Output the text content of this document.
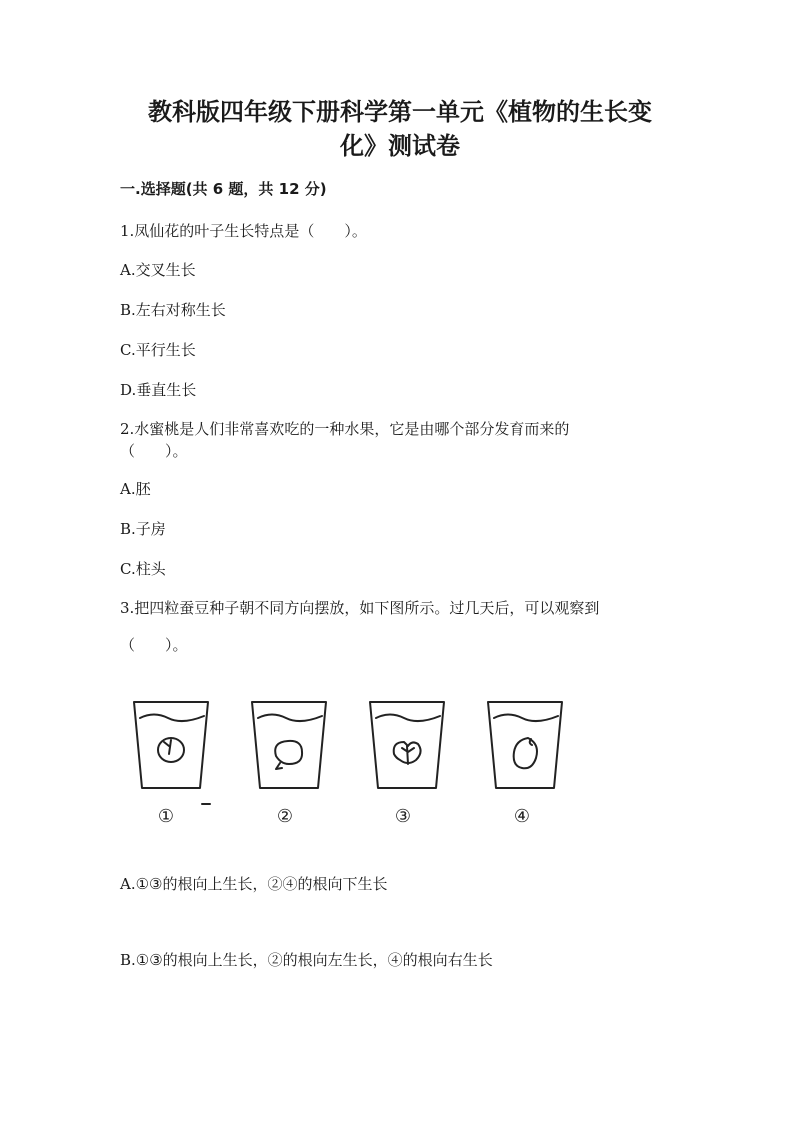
教科版四年级下册科学第一单元《植物的生长变
化》测试卷
一.选择题(共 6 题，共 12 分)
1.凤仙花的叶子生长特点是（　　）。
A.交叉生长
B.左右对称生长
C.平行生长
D.垂直生长
2.水蜜桃是人们非常喜欢吃的一种水果，它是由哪个部分发育而来的
（　　）。
A.胚
B.子房
C.柱头
3.把四粒蚕豆种子朝不同方向摆放，如下图所示。过几天后，可以观察到
（　　）。
①	②	③	④
A.①③的根向上生长，②④的根向下生长
B.①③的根向上生长，②的根向左生长，④的根向右生长
